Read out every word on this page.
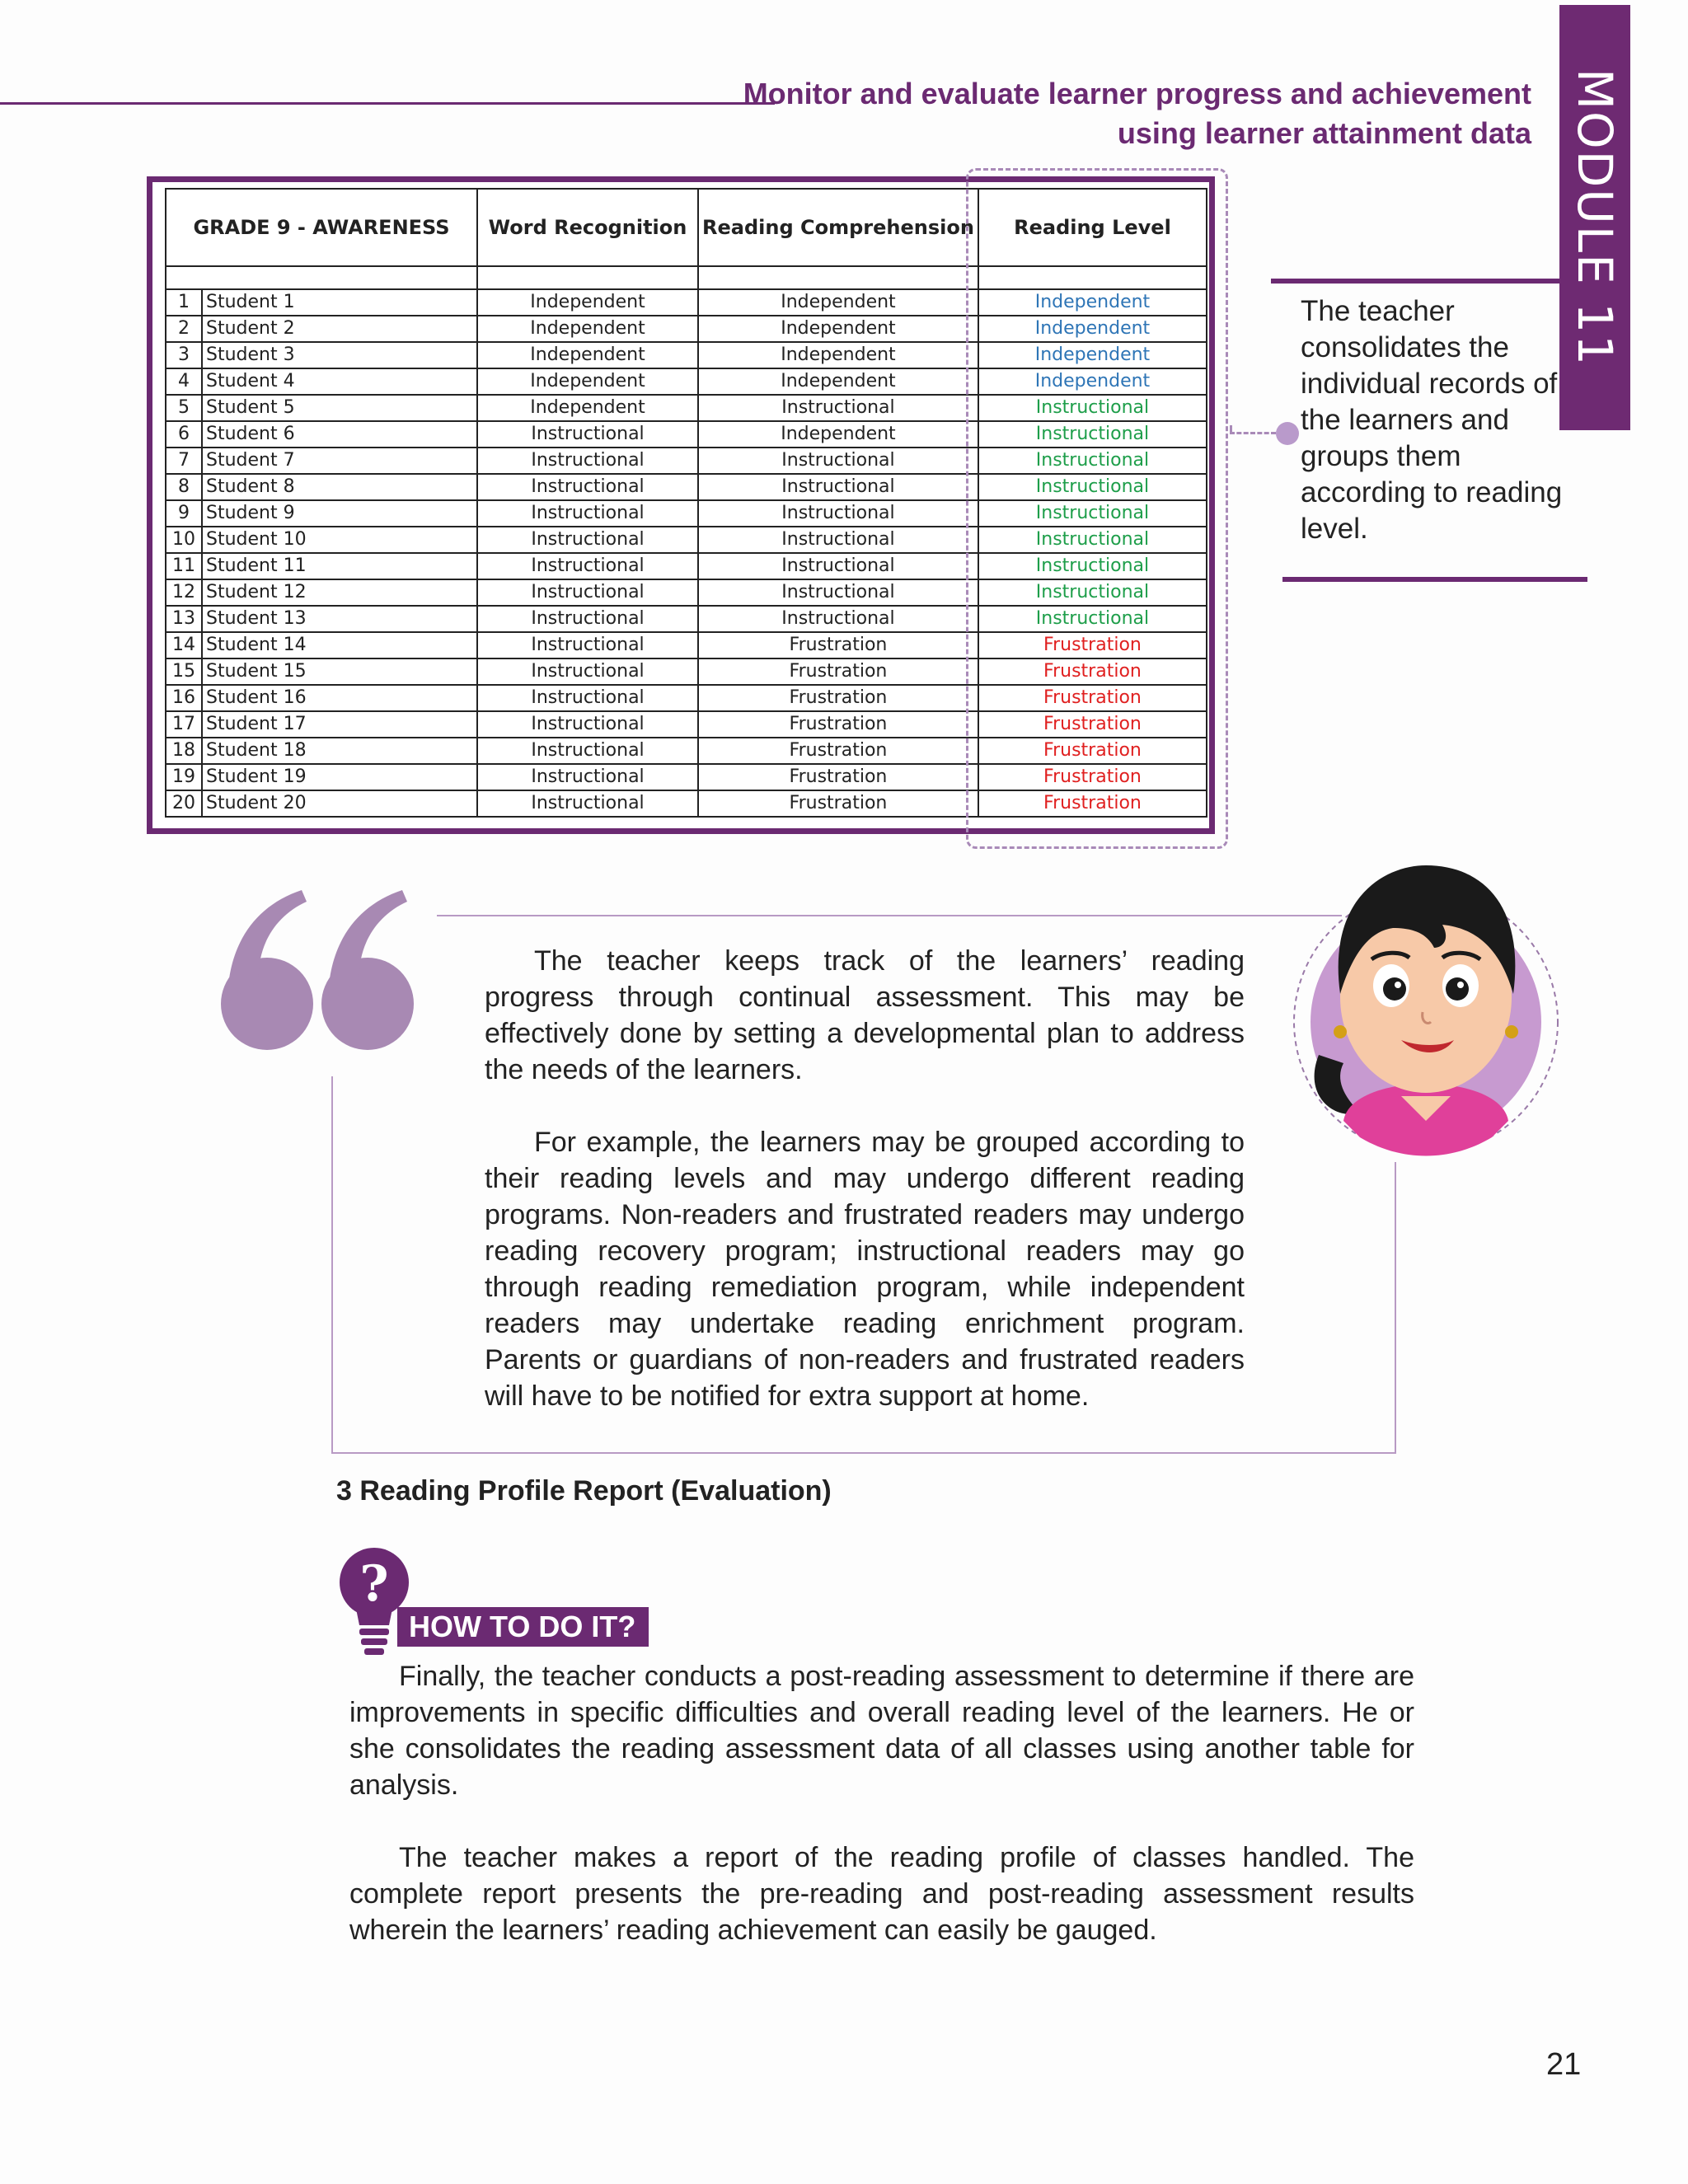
Monitor and evaluate learner progress and achievement
using learner attainment data MODULE 11
GRADE 9 - AWARENESS		Word Recognition	Reading Comprehension	Reading Level

1	Student 1	Independent	Independent	Independent
2	Student 2	Independent	Independent	Independent
3	Student 3	Independent	Independent	Independent
4	Student 4	Independent	Independent	Independent
5	Student 5	Independent	Instructional	Instructional
6	Student 6	Instructional	Independent	Instructional
7	Student 7	Instructional	Instructional	Instructional
8	Student 8	Instructional	Instructional	Instructional
9	Student 9	Instructional	Instructional	Instructional
10	Student 10	Instructional	Instructional	Instructional
11	Student 11	Instructional	Instructional	Instructional
12	Student 12	Instructional	Instructional	Instructional
13	Student 13	Instructional	Instructional	Instructional
14	Student 14	Instructional	Frustration	Frustration
15	Student 15	Instructional	Frustration	Frustration
16	Student 16	Instructional	Frustration	Frustration
17	Student 17	Instructional	Frustration	Frustration
18	Student 18	Instructional	Frustration	Frustration
19	Student 19	Instructional	Frustration	Frustration
20	Student 20	Instructional	Frustration	Frustration
The teacher consolidates the individual records of the learners and groups them according to reading level.

The teacher keeps track of the learners’ reading progress through continual assessment. This may be effectively done by setting a developmental plan to address the needs of the learners.

For example, the learners may be grouped according to their reading levels and may undergo different reading programs. Non-readers and frustrated readers may undergo reading recovery program; instructional readers may go through reading remediation program, while independent readers may undertake reading enrichment program. Parents or guardians of non-readers and frustrated readers will have to be notified for extra support at home.

3 Reading Profile Report (Evaluation)
?
HOW TO DO IT?

Finally, the teacher conducts a post-reading assessment to determine if there are improvements in specific difficulties and overall reading level of the learners. He or she consolidates the reading assessment data of all classes using another table for analysis.

The teacher makes a report of the reading profile of classes handled. The complete report presents the pre-reading and post-reading assessment results wherein the learners’ reading achievement can easily be gauged.

21
